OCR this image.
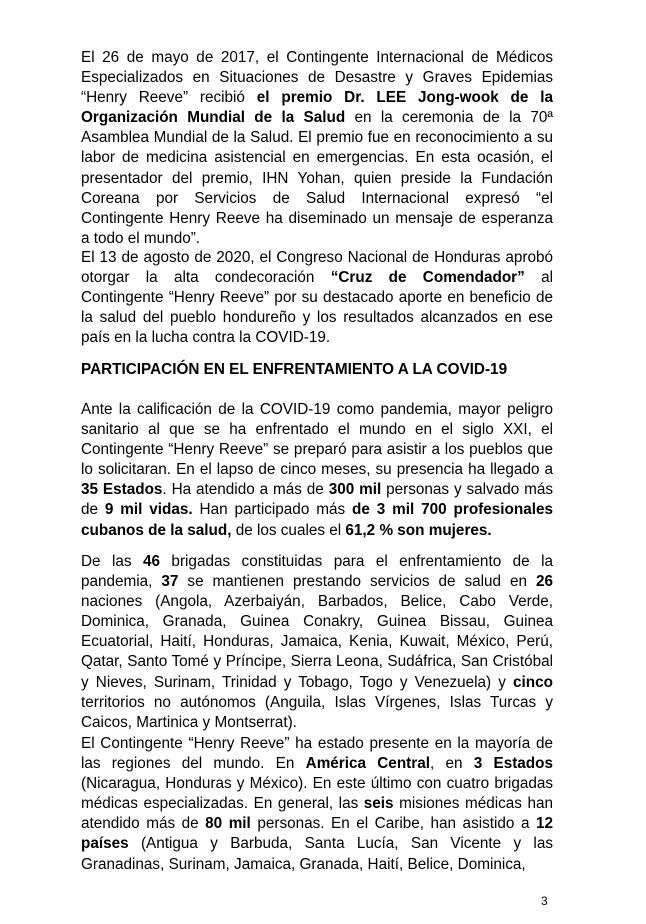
El 26 de mayo de 2017, el Contingente Internacional de Médicos Especializados en Situaciones de Desastre y Graves Epidemias “Henry Reeve” recibió el premio Dr. LEE Jong-wook de la Organización Mundial de la Salud en la ceremonia de la 70ª Asamblea Mundial de la Salud. El premio fue en reconocimiento a su labor de medicina asistencial en emergencias. En esta ocasión, el presentador del premio, IHN Yohan, quien preside la Fundación Coreana por Servicios de Salud Internacional expresó “el Contingente Henry Reeve ha diseminado un mensaje de esperanza a todo el mundo”.

El 13 de agosto de 2020, el Congreso Nacional de Honduras aprobó otorgar la alta condecoración “Cruz de Comendador” al Contingente “Henry Reeve” por su destacado aporte en beneficio de la salud del pueblo hondureño y los resultados alcanzados en ese país en la lucha contra la COVID-19.

PARTICIPACIÓN EN EL ENFRENTAMIENTO A LA COVID-19

Ante la calificación de la COVID-19 como pandemia, mayor peligro sanitario al que se ha enfrentado el mundo en el siglo XXI, el Contingente “Henry Reeve” se preparó para asistir a los pueblos que lo solicitaran. En el lapso de cinco meses, su presencia ha llegado a 35 Estados. Ha atendido a más de 300 mil personas y salvado más de 9 mil vidas. Han participado más de 3 mil 700 profesionales cubanos de la salud, de los cuales el 61,2 % son mujeres.

De las 46 brigadas constituidas para el enfrentamiento de la pandemia, 37 se mantienen prestando servicios de salud en 26 naciones (Angola, Azerbaiyán, Barbados, Belice, Cabo Verde, Dominica, Granada, Guinea Conakry, Guinea Bissau, Guinea Ecuatorial, Haití, Honduras, Jamaica, Kenia, Kuwait, México, Perú, Qatar, Santo Tomé y Príncipe, Sierra Leona, Sudáfrica, San Cristóbal y Nieves, Surinam, Trinidad y Tobago, Togo y Venezuela) y cinco territorios no autónomos (Anguila, Islas Vírgenes, Islas Turcas y Caicos, Martinica y Montserrat).

El Contingente “Henry Reeve” ha estado presente en la mayoría de las regiones del mundo. En América Central, en 3 Estados (Nicaragua, Honduras y México). En este último con cuatro brigadas médicas especializadas. En general, las seis misiones médicas han atendido más de 80 mil personas. En el Caribe, han asistido a 12 países (Antigua y Barbuda, Santa Lucía, San Vicente y las Granadinas, Surinam, Jamaica, Granada, Haití, Belice, Dominica,

3
